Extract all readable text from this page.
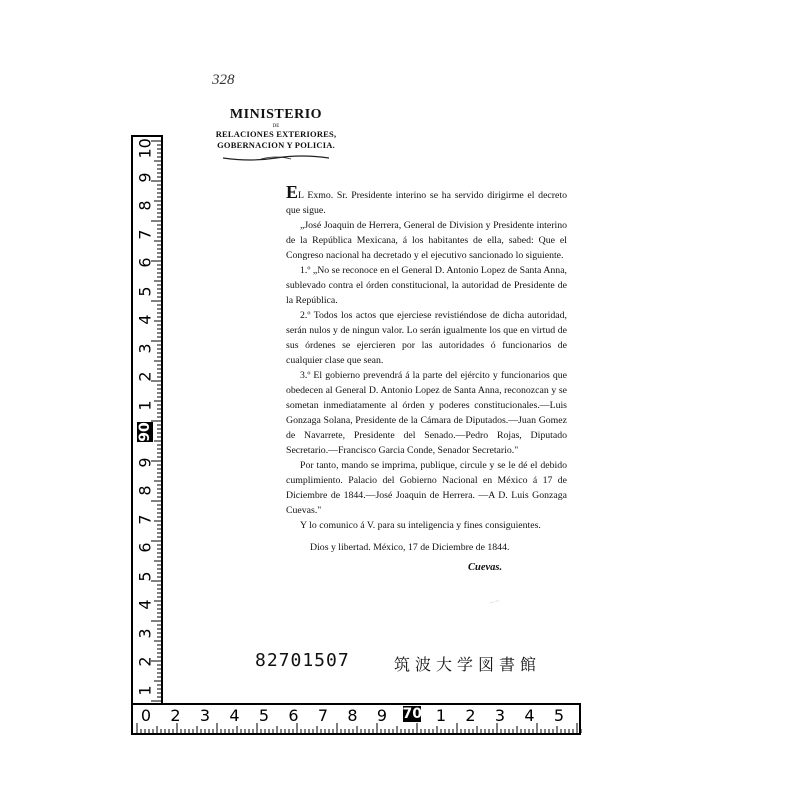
328
MINISTERIO
DE
RELACIONES EXTERIORES,
GOBERNACION Y POLICIA.

EL Exmo. Sr. Presidente interino se ha servido dirigirme el decreto que sigue.

„José Joaquin de Herrera, General de Division y Presidente interino de la República Mexicana, á los habitantes de ella, sabed: Que el Congreso nacional ha decretado y el ejecutivo sancionado lo siguiente.

1.º „No se reconoce en el General D. Antonio Lopez de Santa Anna, sublevado contra el órden constitucional, la autoridad de Presidente de la República.

2.º Todos los actos que ejerciese revistiéndose de dicha autoridad, serán nulos y de ningun valor. Lo serán igualmente los que en virtud de sus órdenes se ejercieren por las autoridades ó funcionarios de cualquier clase que sean.

3.º El gobierno prevendrá á la parte del ejército y funcionarios que obedecen al General D. Antonio Lopez de Santa Anna, reconozcan y se sometan inmediatamente al órden y poderes constitucionales.—Luis Gonzaga Solana, Presidente de la Cámara de Diputados.—Juan Gomez de Navarrete, Presidente del Senado.—Pedro Rojas, Diputado Secretario.—Francisco Garcia Conde, Senador Secretario."

Por tanto, mando se imprima, publique, circule y se le dé el debido cumplimiento. Palacio del Gobierno Nacional en México á 17 de Diciembre de 1844.—José Joaquin de Herrera. —A D. Luis Gonzaga Cuevas."

Y lo comunico á V. para su inteligencia y fines consiguientes.

Dios y libertad. México, 17 de Diciembre de 1844.
Cuevas.
~ ~
82701507	筑波大学図書館
10
9
8
7
6
5
4
3
2
1
90
9
8
7
6
5
4
3
2
1
0 2 3 4 5 6 7 8 9 70 1 2 3 4 5
